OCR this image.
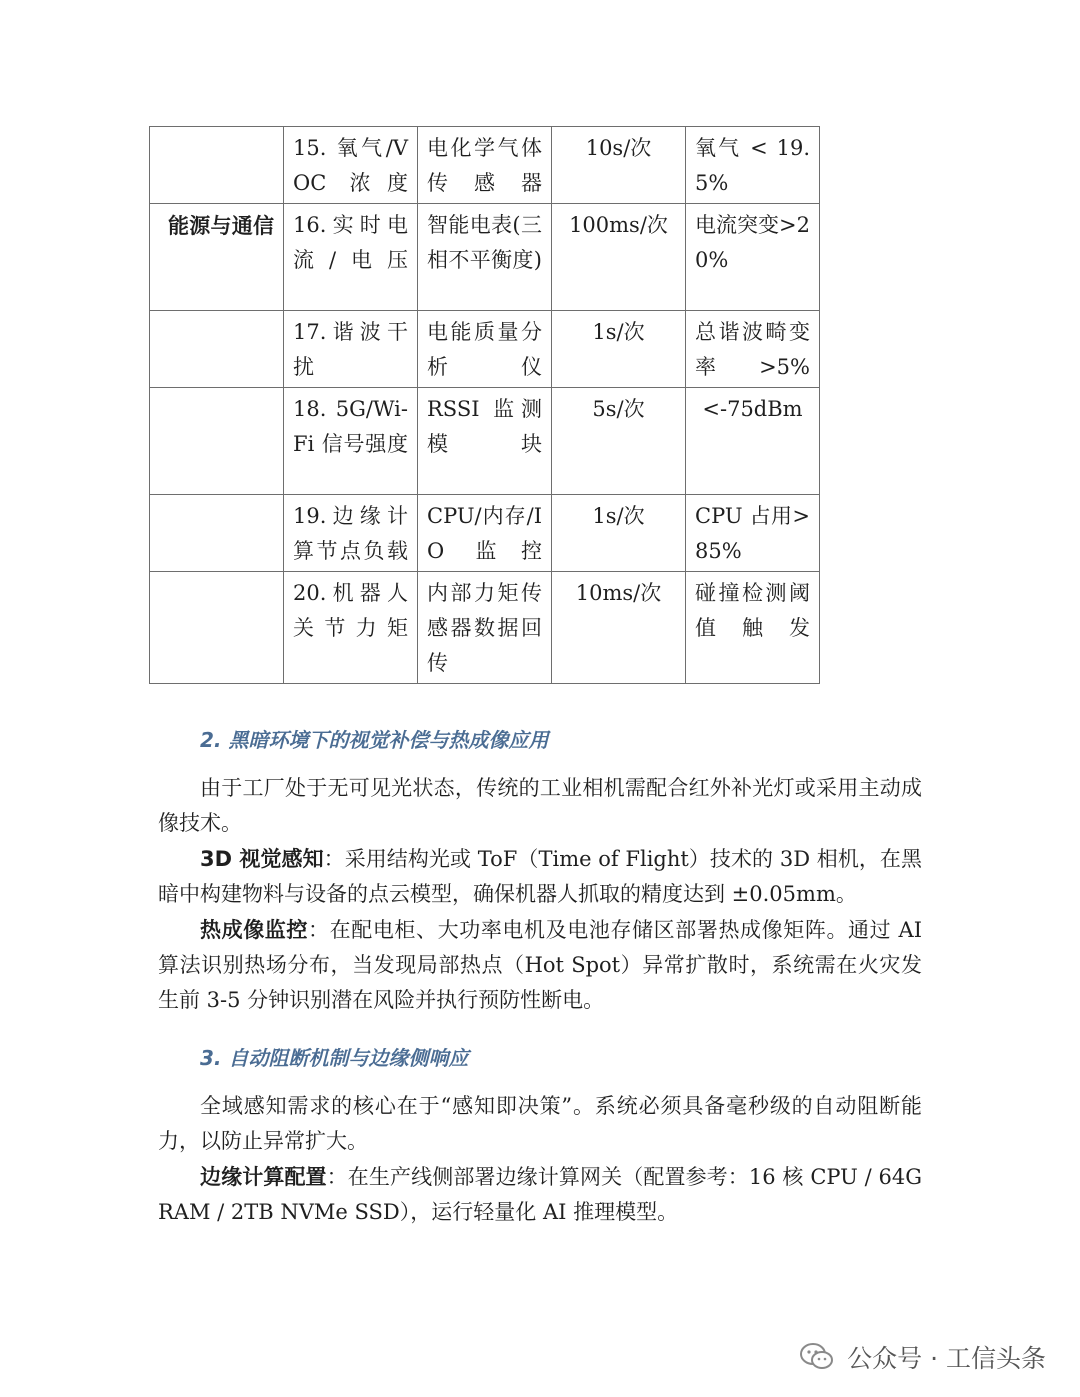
	15. 氧气/VOC 浓度	电化学气体传感器	10s/次	氧气 < 19.5%
能源与通信	16.实时电流/电压	智能电表(三相不平衡度)	100ms/次	电流突变>20%
	17.谐波干扰	电能质量分析仪	1s/次	总谐波畸变率>5%
	18. 5G/Wi-Fi 信号强度	RSSI 监测模块	5s/次	<-75dBm
	19.边缘计算节点负载	CPU/内存/IO 监控	1s/次	CPU 占用>85%
	20.机器人关节力矩	内部力矩传感器数据回传	10ms/次	碰撞检测阈值触发
2. 黑暗环境下的视觉补偿与热成像应用

由于工厂处于无可见光状态，传统的工业相机需配合红外补光灯或采用主动成像技术。

3D 视觉感知：采用结构光或 ToF（Time of Flight）技术的 3D 相机，在黑暗中构建物料与设备的点云模型，确保机器人抓取的精度达到 ±0.05mm。

热成像监控：在配电柜、大功率电机及电池存储区部署热成像矩阵。通过 AI 算法识别热场分布，当发现局部热点（Hot Spot）异常扩散时，系统需在火灾发生前 3-5 分钟识别潜在风险并执行预防性断电。

3. 自动阻断机制与边缘侧响应

全域感知需求的核心在于“感知即决策”。系统必须具备毫秒级的自动阻断能力，以防止异常扩大。

边缘计算配置：在生产线侧部署边缘计算网关（配置参考：16 核 CPU / 64G RAM / 2TB NVMe SSD），运行轻量化 AI 推理模型。

公众号 · 工信头条
